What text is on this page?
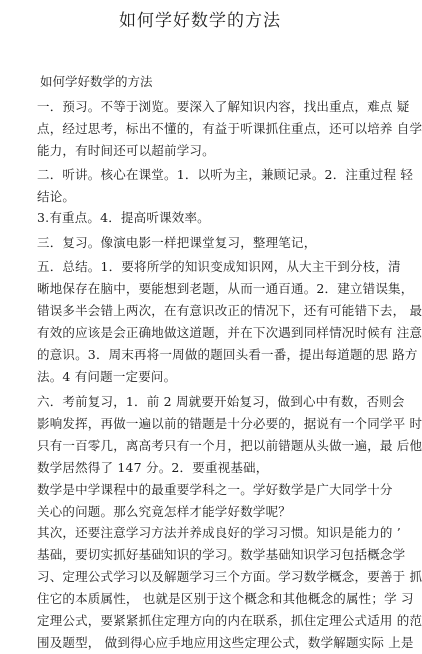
如何学好数学的方法
如何学好数学的方法

一．预习。不等于浏览。要深入了解知识内容，找出重点，难点 疑
点，经过思考，标出不懂的，有益于听课抓住重点，还可以培养 自学
能力，有时间还可以超前学习。

二．听讲。核心在课堂。1．以听为主，兼顾记录。2．注重过程 轻
结论。

3.有重点。4．提高听课效率。

三．复习。像演电影一样把课堂复习，整理笔记，

五．总结。1．要将所学的知识变成知识网，从大主干到分枝，清
晰地保存在脑中，要能想到老题，从而一通百通。2．建立错误集，
错误多半会错上两次，在有意识改正的情况下，还有可能错下去， 最
有效的应该是会正确地做这道题，并在下次遇到同样情况时候有 注意
的意识。3．周末再将一周做的题回头看一番，提出每道题的思 路方
法。4 有问题一定要问。

六．考前复习，1．前 2 周就要开始复习，做到心中有数，否则会
影响发挥，再做一遍以前的错题是十分必要的，据说有一个同学平 时
只有一百零几，离高考只有一个月，把以前错题从头做一遍，最 后他
数学居然得了 147 分。2．要重视基础，

数学是中学课程中的最重要学科之一。学好数学是广大同学十分
关心的问题。那么究竟怎样才能学好数学呢？

其次，还要注意学习方法并养成良好的学习习惯。知识是能力的 ’
基础，要切实抓好基础知识的学习。数学基础知识学习包括概念学
习、定理公式学习以及解题学习三个方面。学习数学概念，要善于 抓
住它的本质属性， 也就是区别于这个概念和其他概念的属性；学 习
定理公式，要紧紧抓住定理方向的内在联系，抓住定理公式适用 的范
围及题型， 做到得心应手地应用这些定理公式，数学解题实际 上是
